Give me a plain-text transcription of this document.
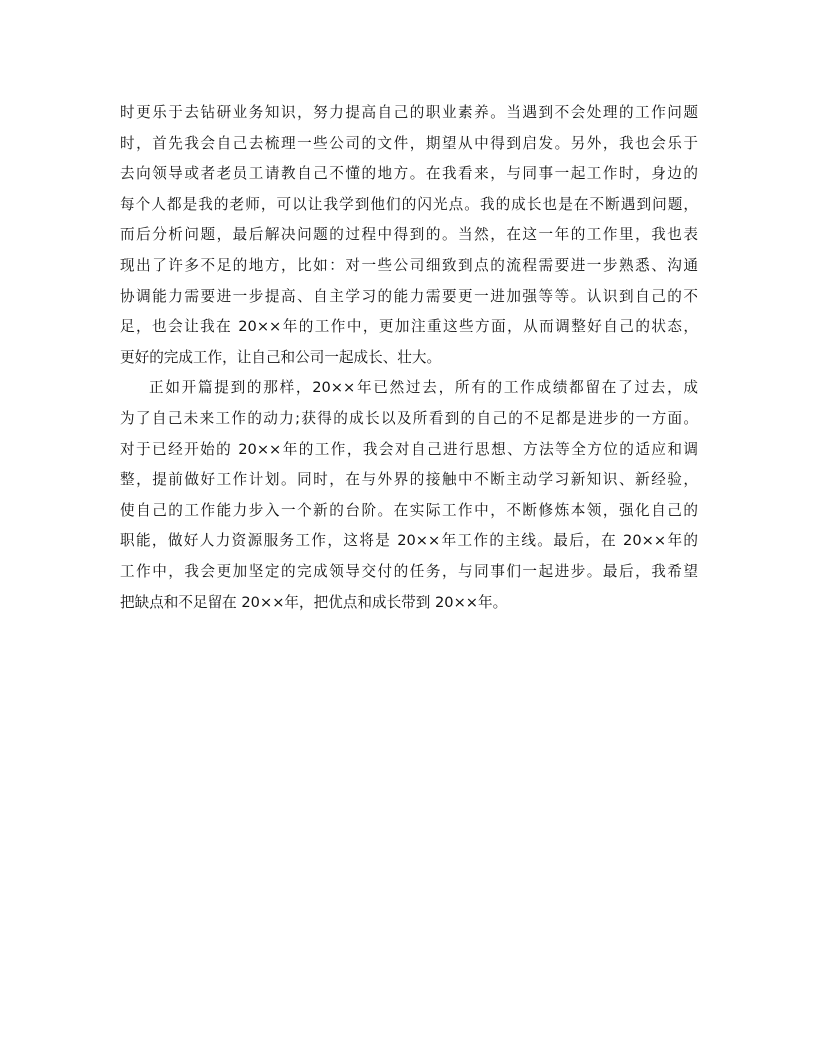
时更乐于去钻研业务知识，努力提高自己的职业素养。当遇到不会处理的工作问题
时，首先我会自己去梳理一些公司的文件，期望从中得到启发。另外，我也会乐于
去向领导或者老员工请教自己不懂的地方。在我看来，与同事一起工作时，身边的
每个人都是我的老师，可以让我学到他们的闪光点。我的成长也是在不断遇到问题，
而后分析问题，最后解决问题的过程中得到的。当然，在这一年的工作里，我也表
现出了许多不足的地方，比如：对一些公司细致到点的流程需要进一步熟悉、沟通
协调能力需要进一步提高、自主学习的能力需要更一进加强等等。认识到自己的不
足，也会让我在 20××年的工作中，更加注重这些方面，从而调整好自己的状态，
更好的完成工作，让自己和公司一起成长、壮大。
正如开篇提到的那样，20××年已然过去，所有的工作成绩都留在了过去，成
为了自己未来工作的动力;获得的成长以及所看到的自己的不足都是进步的一方面。
对于已经开始的 20××年的工作，我会对自己进行思想、方法等全方位的适应和调
整，提前做好工作计划。同时，在与外界的接触中不断主动学习新知识、新经验，
使自己的工作能力步入一个新的台阶。在实际工作中，不断修炼本领，强化自己的
职能，做好人力资源服务工作，这将是 20××年工作的主线。最后，在 20××年的
工作中，我会更加坚定的完成领导交付的任务，与同事们一起进步。最后，我希望
把缺点和不足留在 20××年，把优点和成长带到 20××年。
